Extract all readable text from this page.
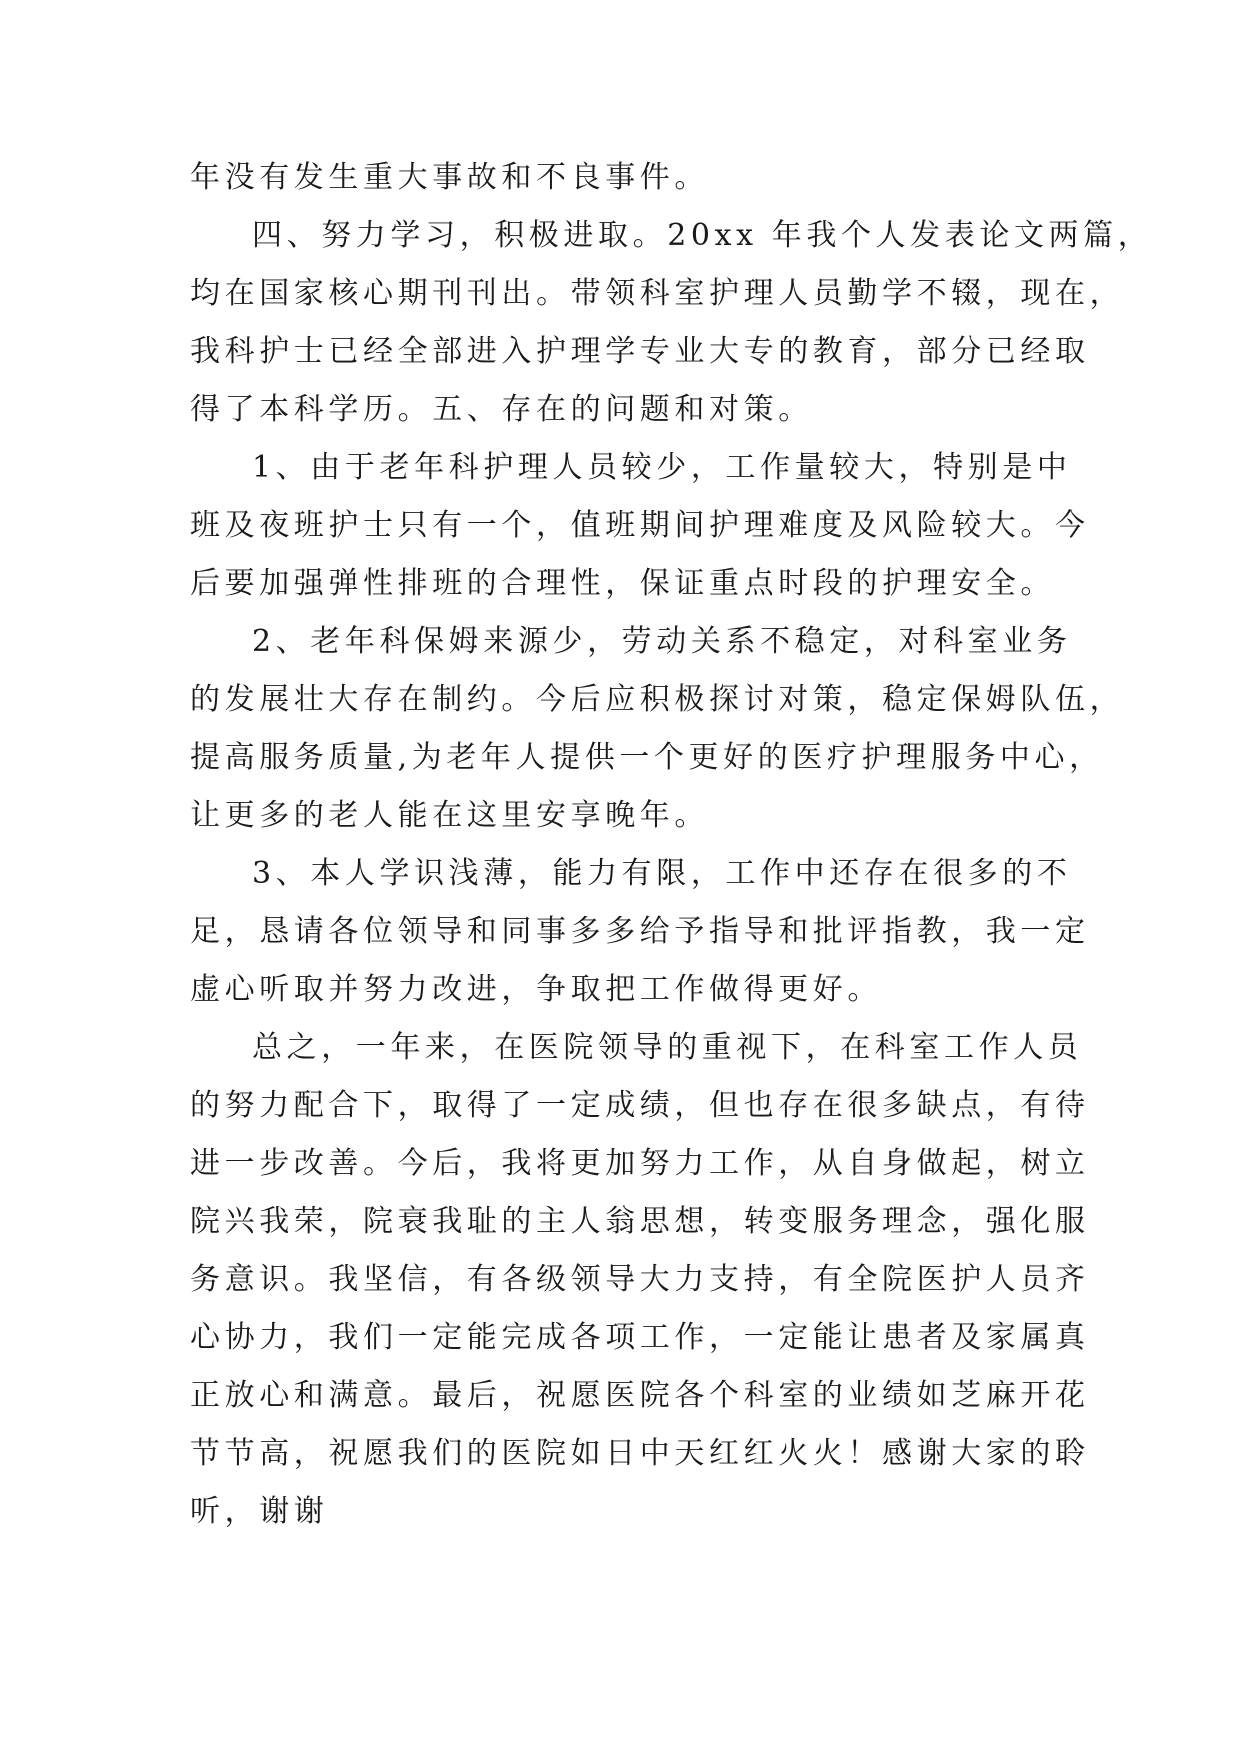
年没有发生重大事故和不良事件。
四、努力学习，积极进取。20xx 年我个人发表论文两篇，
均在国家核心期刊刊出。带领科室护理人员勤学不辍，现在，
我科护士已经全部进入护理学专业大专的教育，部分已经取
得了本科学历。五、存在的问题和对策。
1、由于老年科护理人员较少，工作量较大，特别是中
班及夜班护士只有一个，值班期间护理难度及风险较大。今
后要加强弹性排班的合理性，保证重点时段的护理安全。
2、老年科保姆来源少，劳动关系不稳定，对科室业务
的发展壮大存在制约。今后应积极探讨对策，稳定保姆队伍，
提高服务质量,为老年人提供一个更好的医疗护理服务中心，
让更多的老人能在这里安享晚年。
3、本人学识浅薄，能力有限，工作中还存在很多的不
足，恳请各位领导和同事多多给予指导和批评指教，我一定
虚心听取并努力改进，争取把工作做得更好。
总之，一年来，在医院领导的重视下，在科室工作人员
的努力配合下，取得了一定成绩，但也存在很多缺点，有待
进一步改善。今后，我将更加努力工作，从自身做起，树立
院兴我荣，院衰我耻的主人翁思想，转变服务理念，强化服
务意识。我坚信，有各级领导大力支持，有全院医护人员齐
心协力，我们一定能完成各项工作，一定能让患者及家属真
正放心和满意。最后，祝愿医院各个科室的业绩如芝麻开花
节节高，祝愿我们的医院如日中天红红火火！感谢大家的聆
听，谢谢
